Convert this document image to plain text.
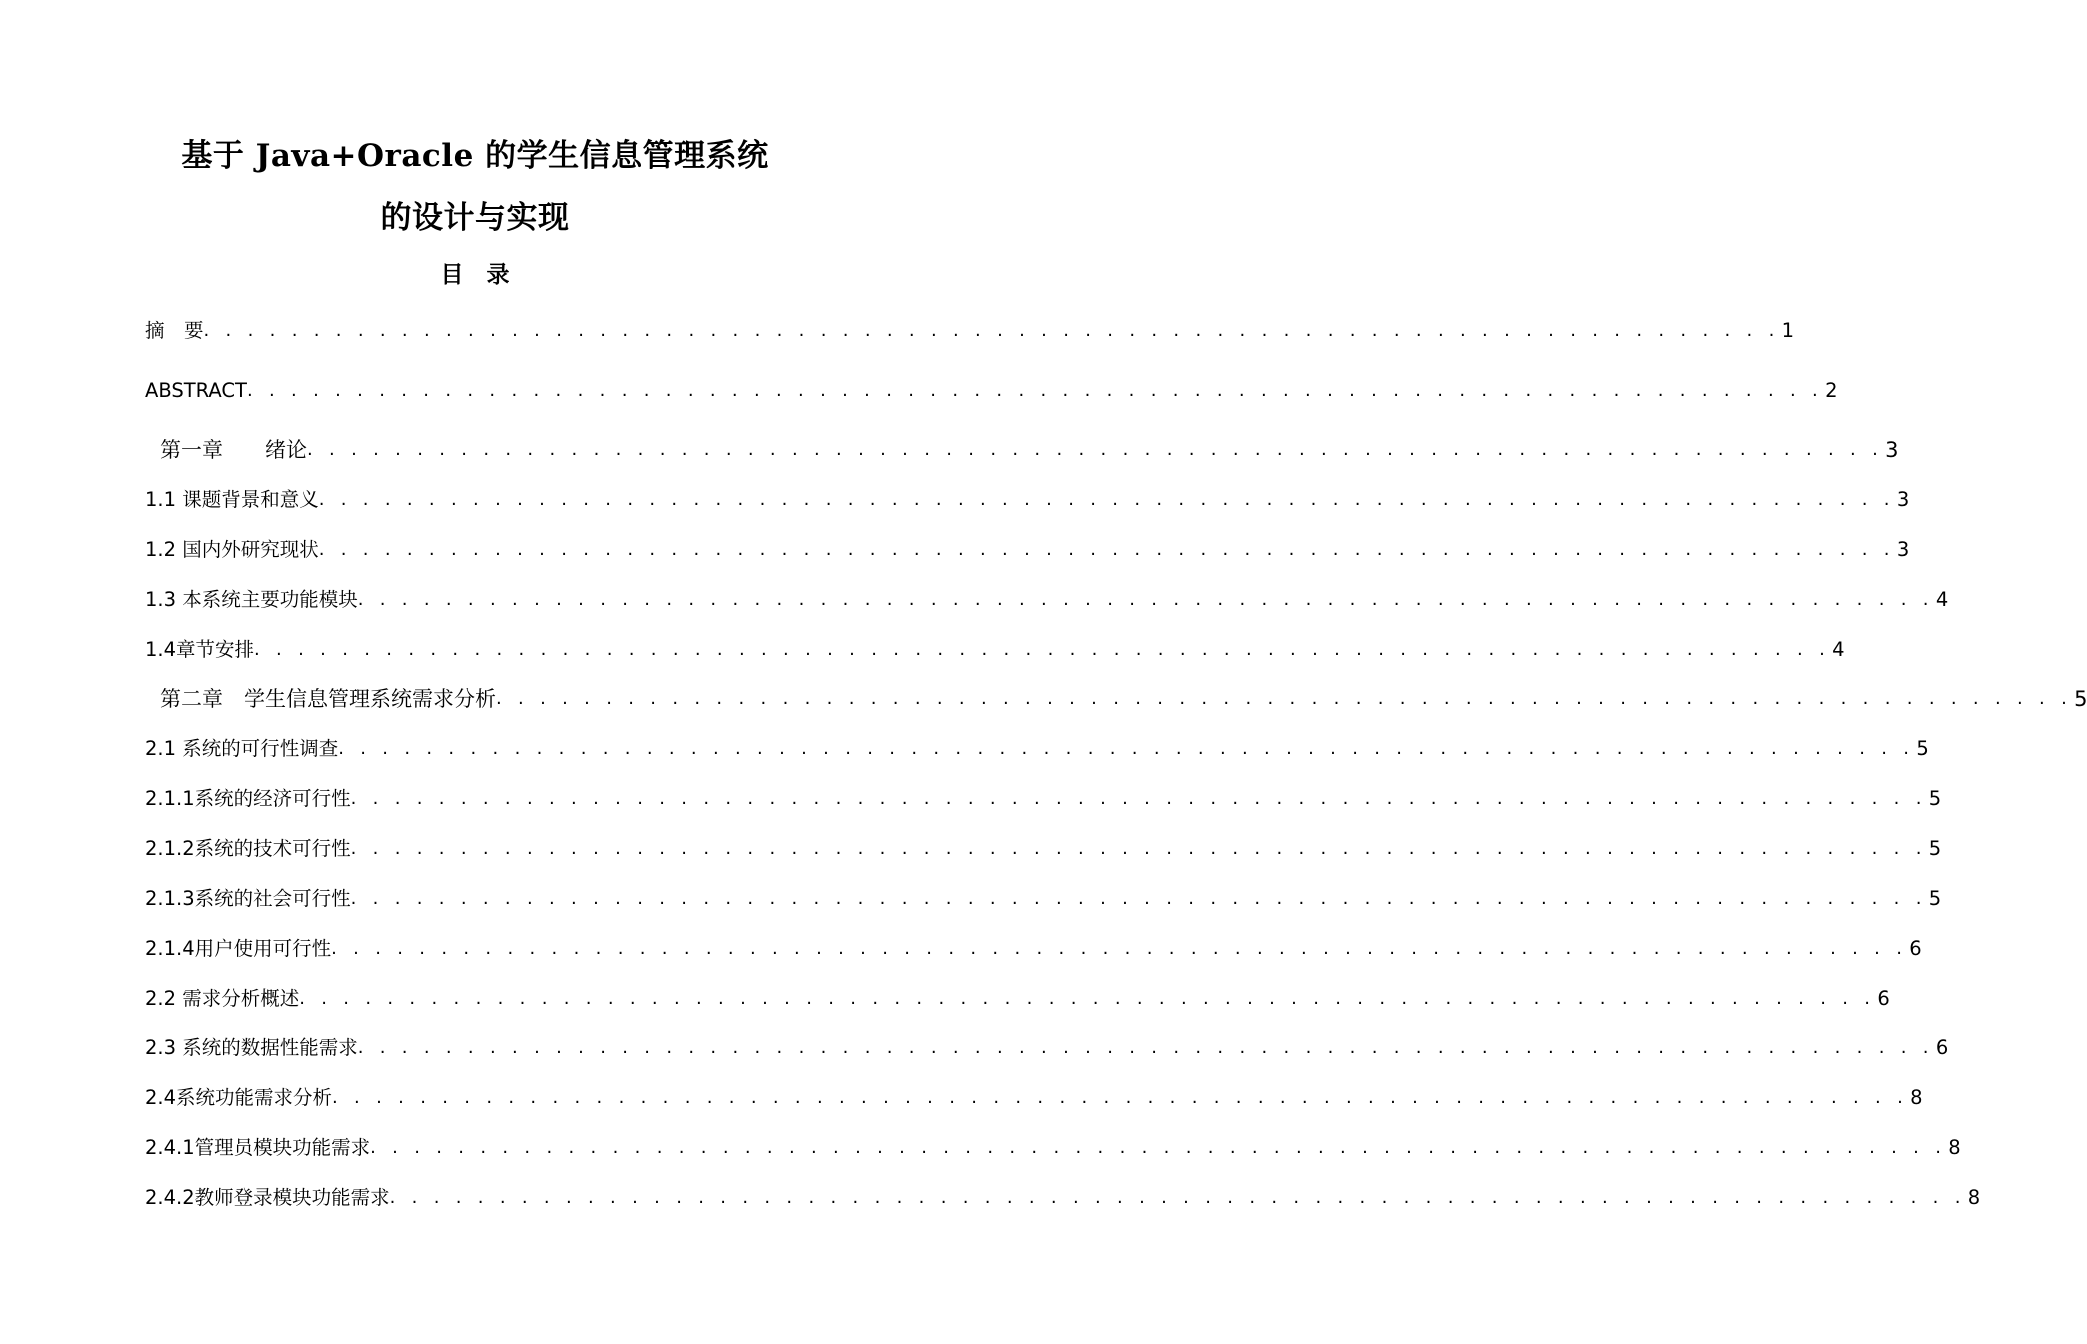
基于 Java+Oracle 的学生信息管理系统
的设计与实现
目　录
摘　要 . . . . . . . . . . . . . . . . . . . . . . . . . . . . . . . . . . . . . . . . . . . . . . . . . . . . . . . . . . . . . . . . . . . . . . . . 1
ABSTRACT . . . . . . . . . . . . . . . . . . . . . . . . . . . . . . . . . . . . . . . . . . . . . . . . . . . . . . . . . . . . . . . . . . . . . . . . 2
第一章　　绪论 . . . . . . . . . . . . . . . . . . . . . . . . . . . . . . . . . . . . . . . . . . . . . . . . . . . . . . . . . . . . . . . . . . . . . . . . 3
1.1 课题背景和意义 . . . . . . . . . . . . . . . . . . . . . . . . . . . . . . . . . . . . . . . . . . . . . . . . . . . . . . . . . . . . . . . . . . . . . . . . 3
1.2 国内外研究现状 . . . . . . . . . . . . . . . . . . . . . . . . . . . . . . . . . . . . . . . . . . . . . . . . . . . . . . . . . . . . . . . . . . . . . . . . 3
1.3 本系统主要功能模块 . . . . . . . . . . . . . . . . . . . . . . . . . . . . . . . . . . . . . . . . . . . . . . . . . . . . . . . . . . . . . . . . . . . . . . . . 4
1.4章节安排 . . . . . . . . . . . . . . . . . . . . . . . . . . . . . . . . . . . . . . . . . . . . . . . . . . . . . . . . . . . . . . . . . . . . . . . . 4
第二章　学生信息管理系统需求分析 . . . . . . . . . . . . . . . . . . . . . . . . . . . . . . . . . . . . . . . . . . . . . . . . . . . . . . . . . . . . . . . . . . . . . . . . 5
2.1 系统的可行性调查 . . . . . . . . . . . . . . . . . . . . . . . . . . . . . . . . . . . . . . . . . . . . . . . . . . . . . . . . . . . . . . . . . . . . . . . . 5
2.1.1系统的经济可行性 . . . . . . . . . . . . . . . . . . . . . . . . . . . . . . . . . . . . . . . . . . . . . . . . . . . . . . . . . . . . . . . . . . . . . . . . 5
2.1.2系统的技术可行性 . . . . . . . . . . . . . . . . . . . . . . . . . . . . . . . . . . . . . . . . . . . . . . . . . . . . . . . . . . . . . . . . . . . . . . . . 5
2.1.3系统的社会可行性 . . . . . . . . . . . . . . . . . . . . . . . . . . . . . . . . . . . . . . . . . . . . . . . . . . . . . . . . . . . . . . . . . . . . . . . . 5
2.1.4用户使用可行性 . . . . . . . . . . . . . . . . . . . . . . . . . . . . . . . . . . . . . . . . . . . . . . . . . . . . . . . . . . . . . . . . . . . . . . . . 6
2.2 需求分析概述 . . . . . . . . . . . . . . . . . . . . . . . . . . . . . . . . . . . . . . . . . . . . . . . . . . . . . . . . . . . . . . . . . . . . . . . . 6
2.3 系统的数据性能需求 . . . . . . . . . . . . . . . . . . . . . . . . . . . . . . . . . . . . . . . . . . . . . . . . . . . . . . . . . . . . . . . . . . . . . . . . 6
2.4系统功能需求分析 . . . . . . . . . . . . . . . . . . . . . . . . . . . . . . . . . . . . . . . . . . . . . . . . . . . . . . . . . . . . . . . . . . . . . . . . 8
2.4.1管理员模块功能需求 . . . . . . . . . . . . . . . . . . . . . . . . . . . . . . . . . . . . . . . . . . . . . . . . . . . . . . . . . . . . . . . . . . . . . . . . 8
2.4.2教师登录模块功能需求 . . . . . . . . . . . . . . . . . . . . . . . . . . . . . . . . . . . . . . . . . . . . . . . . . . . . . . . . . . . . . . . . . . . . . . . . 8
